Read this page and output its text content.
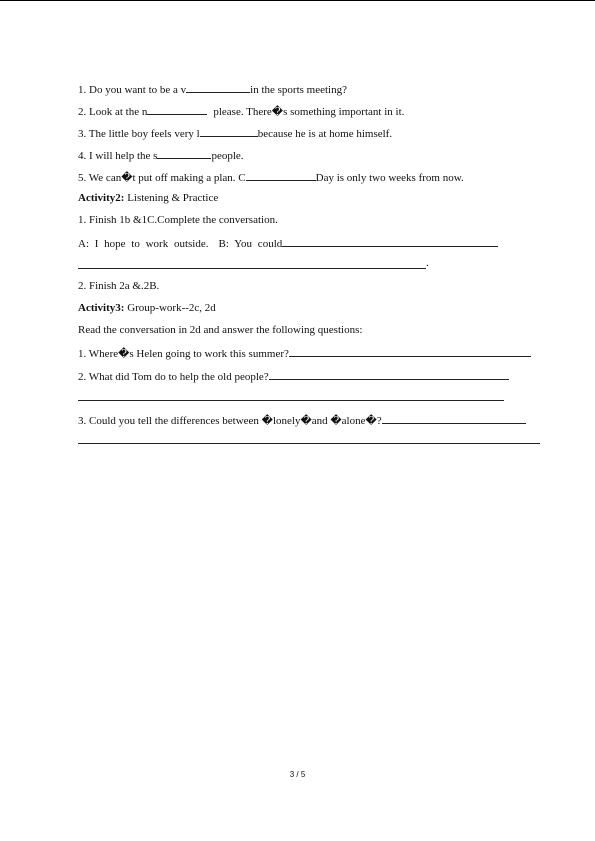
1. Do you want to be a v	in the sports meeting?
2. Look at the n	please. There�s something important in it.
3. The little boy feels very l	because he is at home himself.
4. I will help the s	people.
5. We can�t put off making a plan. C	Day is only two weeks from now.
Activity2: Listening & Practice
1. Finish 1b &1C.Complete the conversation.
A: I hope to work outside. B: You could
.
2. Finish 2a &.2B.
Activity3: Group-work--2c, 2d
Read the conversation in 2d and answer the following questions:
1. Where�s Helen going to work this summer?
2. What did Tom do to help the old people?
3. Could you tell the differences between �lonely�and �alone�?
3 / 5
